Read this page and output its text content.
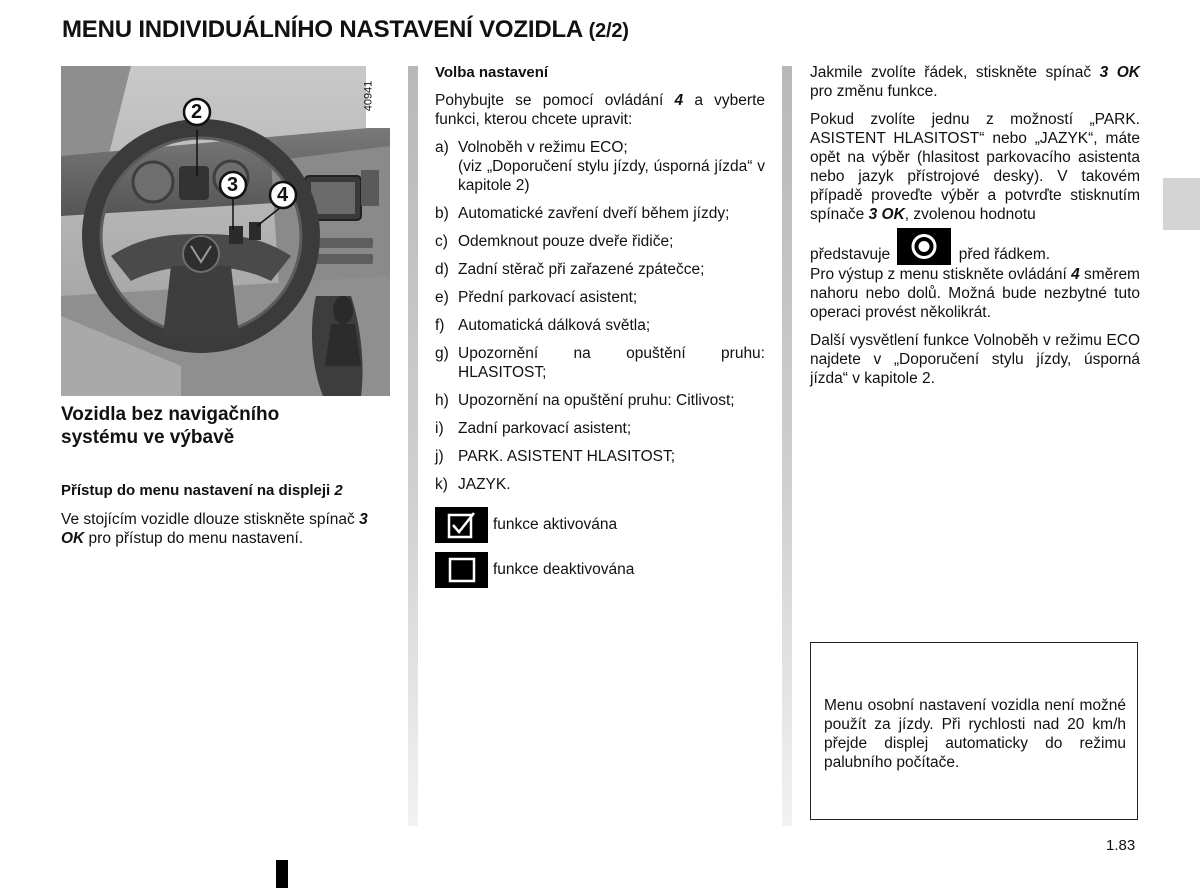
MENU INDIVIDUÁLNÍHO NASTAVENÍ VOZIDLA (2/2)
2
3 4
40941
Vozidla bez navigačního systému ve výbavě

Přístup do menu nastavení na displeji 2

Ve stojícím vozidle dlouze stiskněte spínač 3 OK pro přístup do menu nastavení.

Volba nastavení

Pohybujte se pomocí ovládání 4 a vyberte funkci, kterou chcete upravit:

a) Volnoběh v režimu ECO;

(viz „Doporučení stylu jízdy, úsporná jízda“ v kapitole 2)
b) Automatické zavření dveří během jízdy;
c) Odemknout pouze dveře řidiče;
d) Zadní stěrač při zařazené zpátečce;
e) Přední parkovací asistent;
f) Automatická dálková světla;
g) Upozornění na opuštění pruhu: HLASITOST;
h) Upozornění na opuštění pruhu: Citlivost;
i) Zadní parkovací asistent;
j) PARK. ASISTENT HLASITOST;
k) JAZYK.
funkce aktivována
funkce deaktivována

Jakmile zvolíte řádek, stiskněte spínač 3 OK pro změnu funkce.

Pokud zvolíte jednu z možností „PARK. ASISTENT HLASITOST“ nebo „JAZYK“, máte opět na výběr (hlasitost parkovacího asistenta nebo jazyk přístrojové desky). V takovém případě proveďte výběr a potvrďte stisknutím spínače 3 OK, zvolenou hodnotu

představuje	před řádkem.

Pro výstup z menu stiskněte ovládání 4 směrem nahoru nebo dolů. Možná bude nezbytné tuto operaci provést několikrát.

Další vysvětlení funkce Volnoběh v režimu ECO najdete v „Doporučení stylu jízdy, úsporná jízda“ v kapitole 2.

Menu osobní nastavení vozidla není možné použít za jízdy. Při rychlosti nad 20 km/h přejde displej automaticky do režimu palubního počítače.

1.83
